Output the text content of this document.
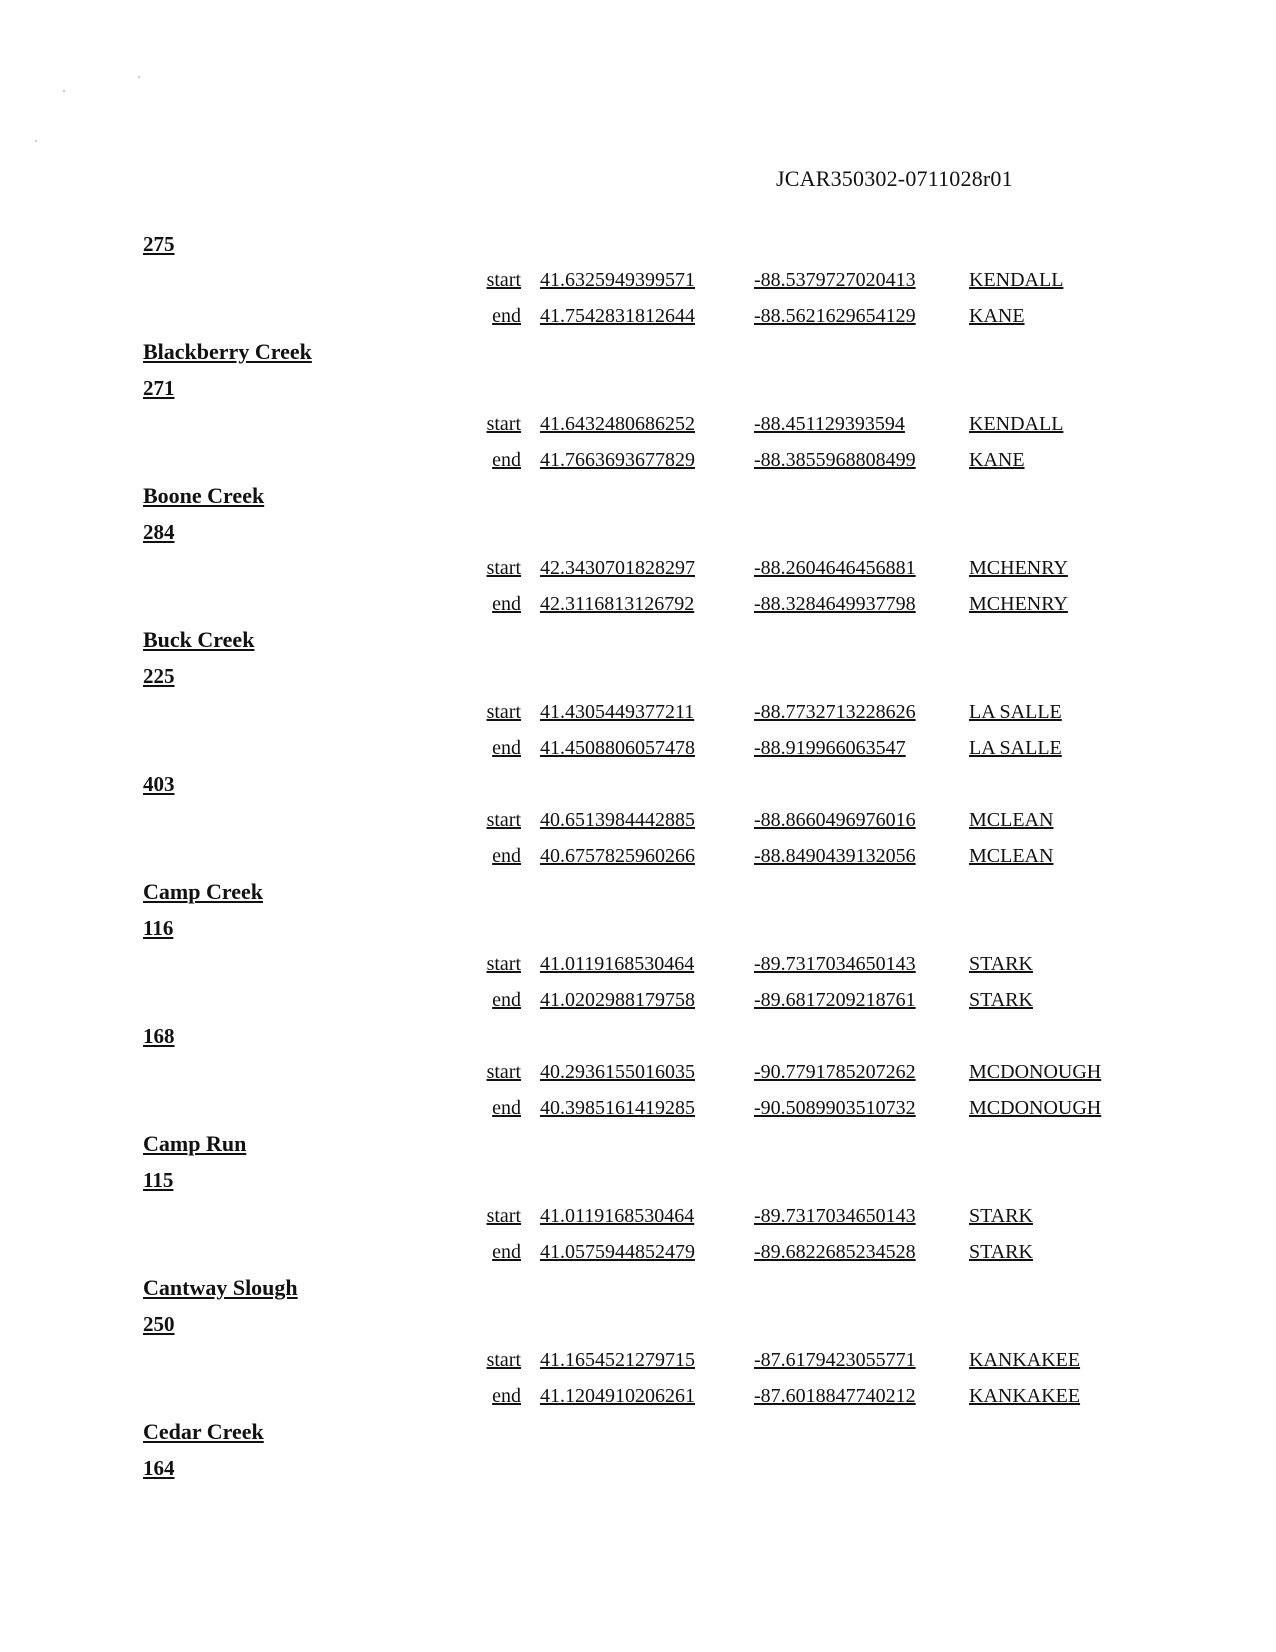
JCAR350302-0711028r01
275
start 41.6325949399571	-88.5379727020413	KENDALL
end 41.7542831812644	-88.5621629654129	KANE
Blackberry Creek
271
start 41.6432480686252	-88.451129393594	KENDALL
end 41.7663693677829	-88.3855968808499	KANE
Boone Creek
284
start 42.3430701828297	-88.2604646456881	MCHENRY
end 42.3116813126792	-88.3284649937798	MCHENRY
Buck Creek
225
start 41.4305449377211	-88.7732713228626	LA SALLE
end 41.4508806057478	-88.919966063547	LA SALLE
403
start 40.6513984442885	-88.8660496976016	MCLEAN
end 40.6757825960266	-88.8490439132056	MCLEAN
Camp Creek
116
start 41.0119168530464	-89.7317034650143	STARK
end 41.0202988179758	-89.6817209218761	STARK
168
start 40.2936155016035	-90.7791785207262	MCDONOUGH
end 40.3985161419285	-90.5089903510732	MCDONOUGH
Camp Run
115
start 41.0119168530464	-89.7317034650143	STARK
end 41.0575944852479	-89.6822685234528	STARK
Cantway Slough
250
start 41.1654521279715	-87.6179423055771	KANKAKEE
end 41.1204910206261	-87.6018847740212	KANKAKEE
Cedar Creek
164
